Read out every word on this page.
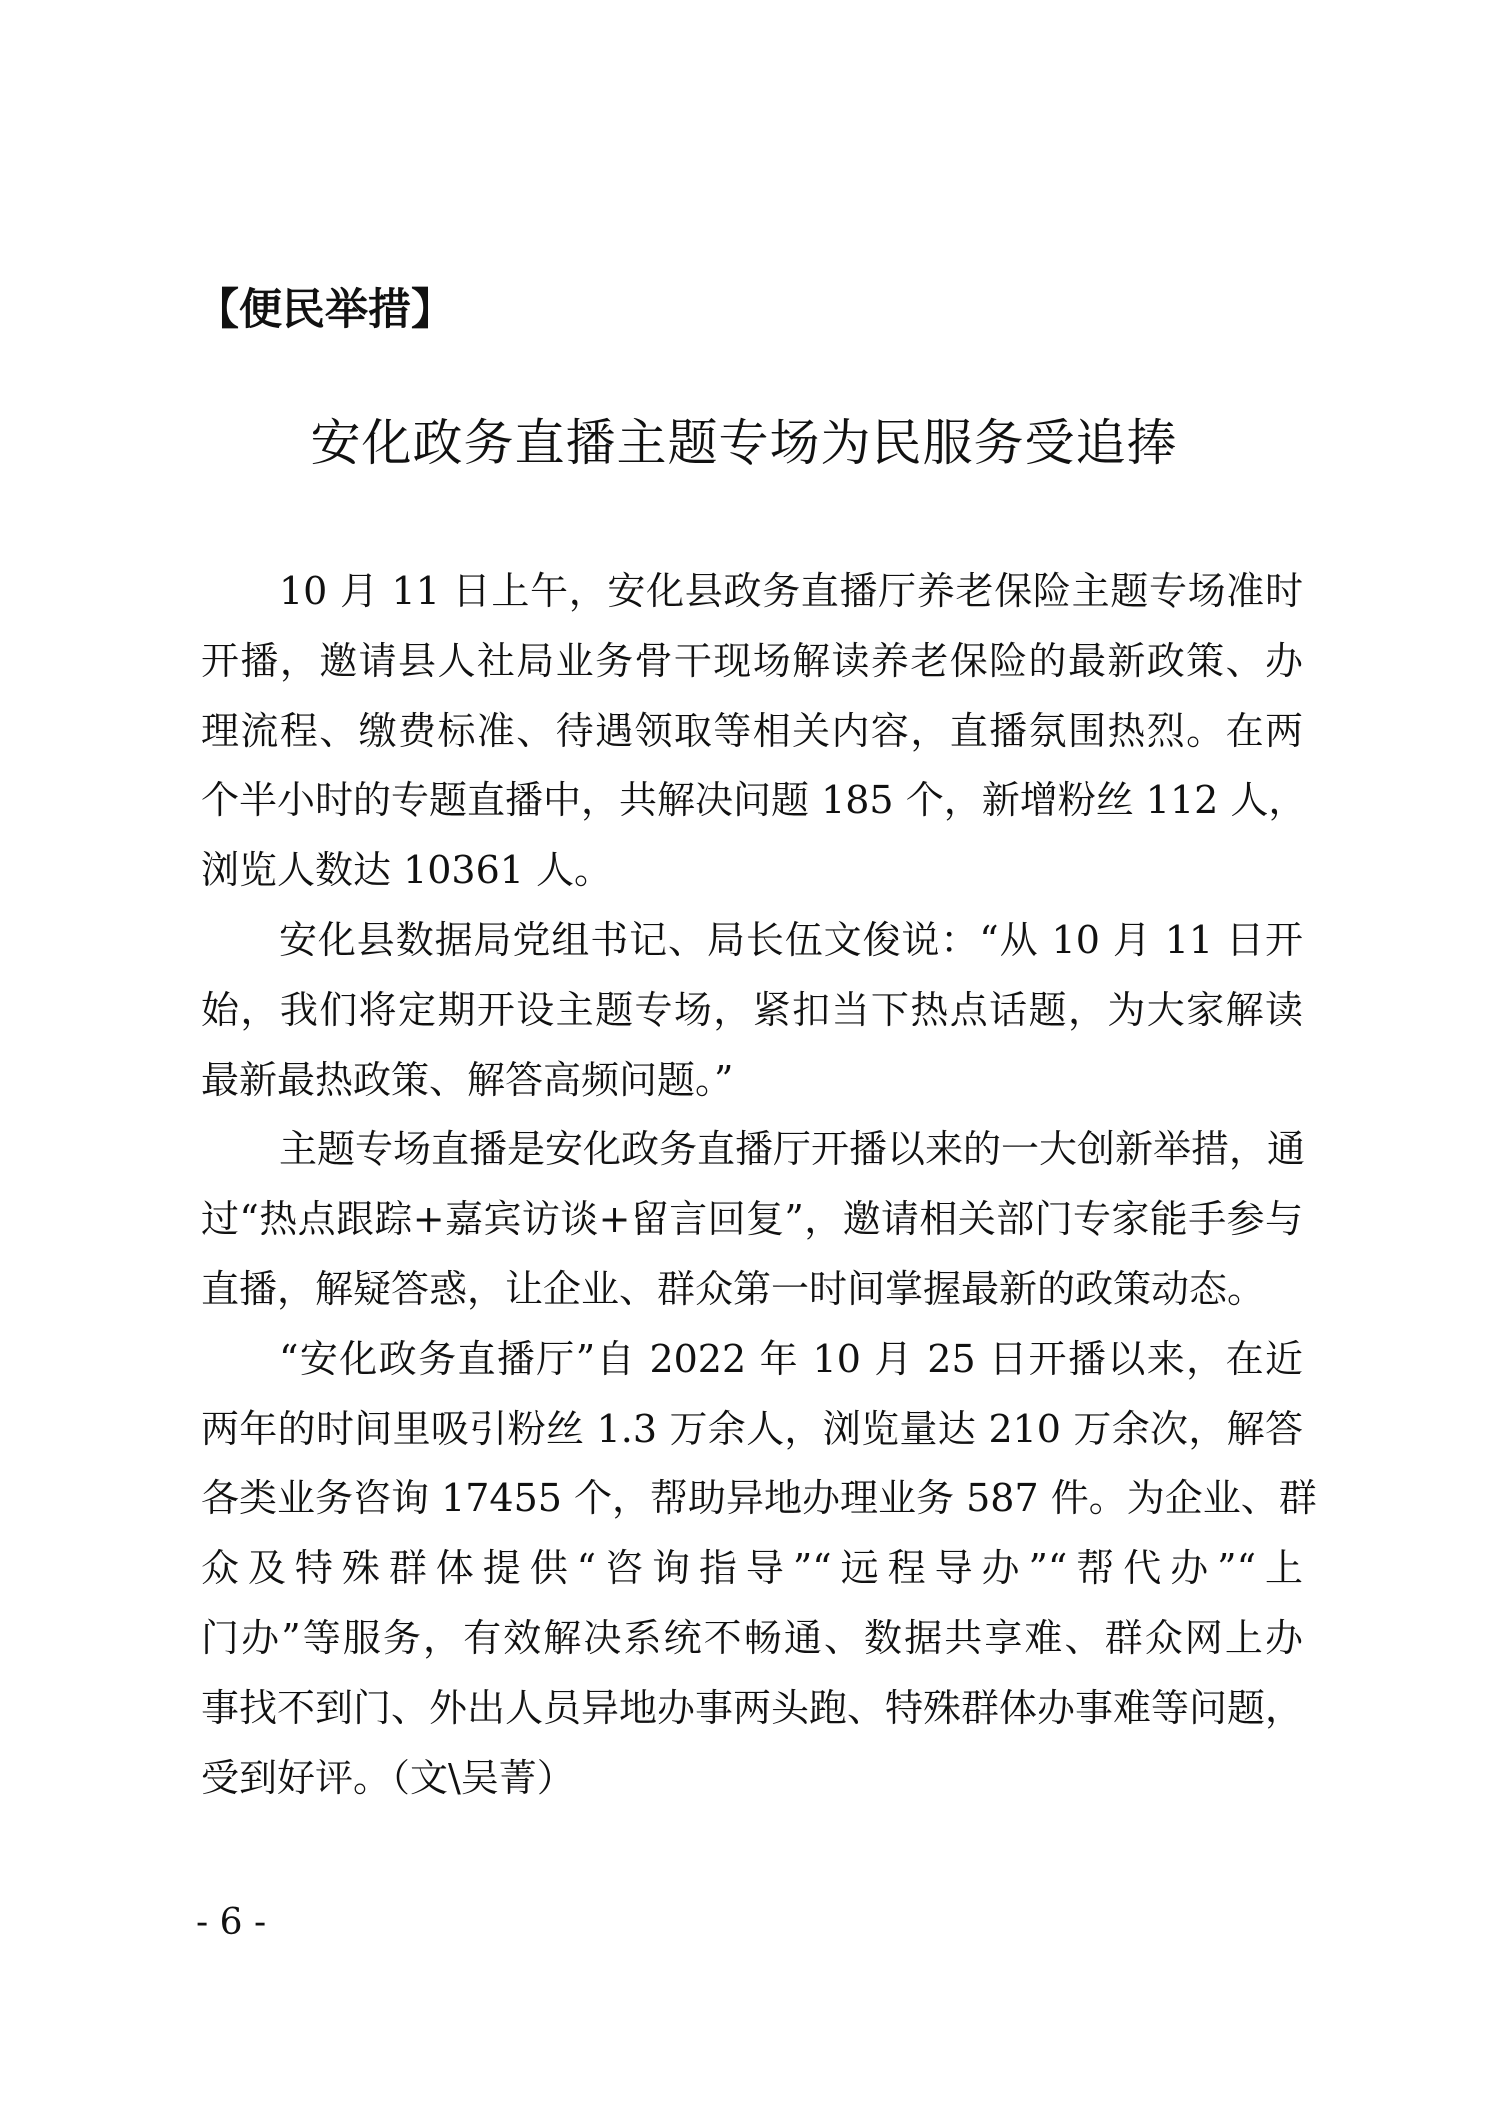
【便民举措】
安化政务直播主题专场为民服务受追捧
10 月 11 日上午，安化县政务直播厅养老保险主题专场准时
开播，邀请县人社局业务骨干现场解读养老保险的最新政策、办
理流程、缴费标准、待遇领取等相关内容，直播氛围热烈。在两
个半小时的专题直播中，共解决问题 185 个，新增粉丝 112 人，
浏览人数达 10361 人。
安化县数据局党组书记、局长伍文俊说：“从 10 月 11 日开
始，我们将定期开设主题专场，紧扣当下热点话题，为大家解读
最新最热政策、解答高频问题。”
主题专场直播是安化政务直播厅开播以来的一大创新举措，通
过“热点跟踪+嘉宾访谈+留言回复”，邀请相关部门专家能手参与
直播，解疑答惑，让企业、群众第一时间掌握最新的政策动态。
“安化政务直播厅”自 2022 年 10 月 25 日开播以来，在近
两年的时间里吸引粉丝 1.3 万余人，浏览量达 210 万余次，解答
各类业务咨询 17455 个，帮助异地办理业务 587 件。为企业、群
众及特殊群体提供“咨询指导”“远程导办”“帮代办”“上
门办”等服务，有效解决系统不畅通、数据共享难、群众网上办
事找不到门、外出人员异地办事两头跑、特殊群体办事难等问题，
受到好评。（文\吴菁）
- 6 -
